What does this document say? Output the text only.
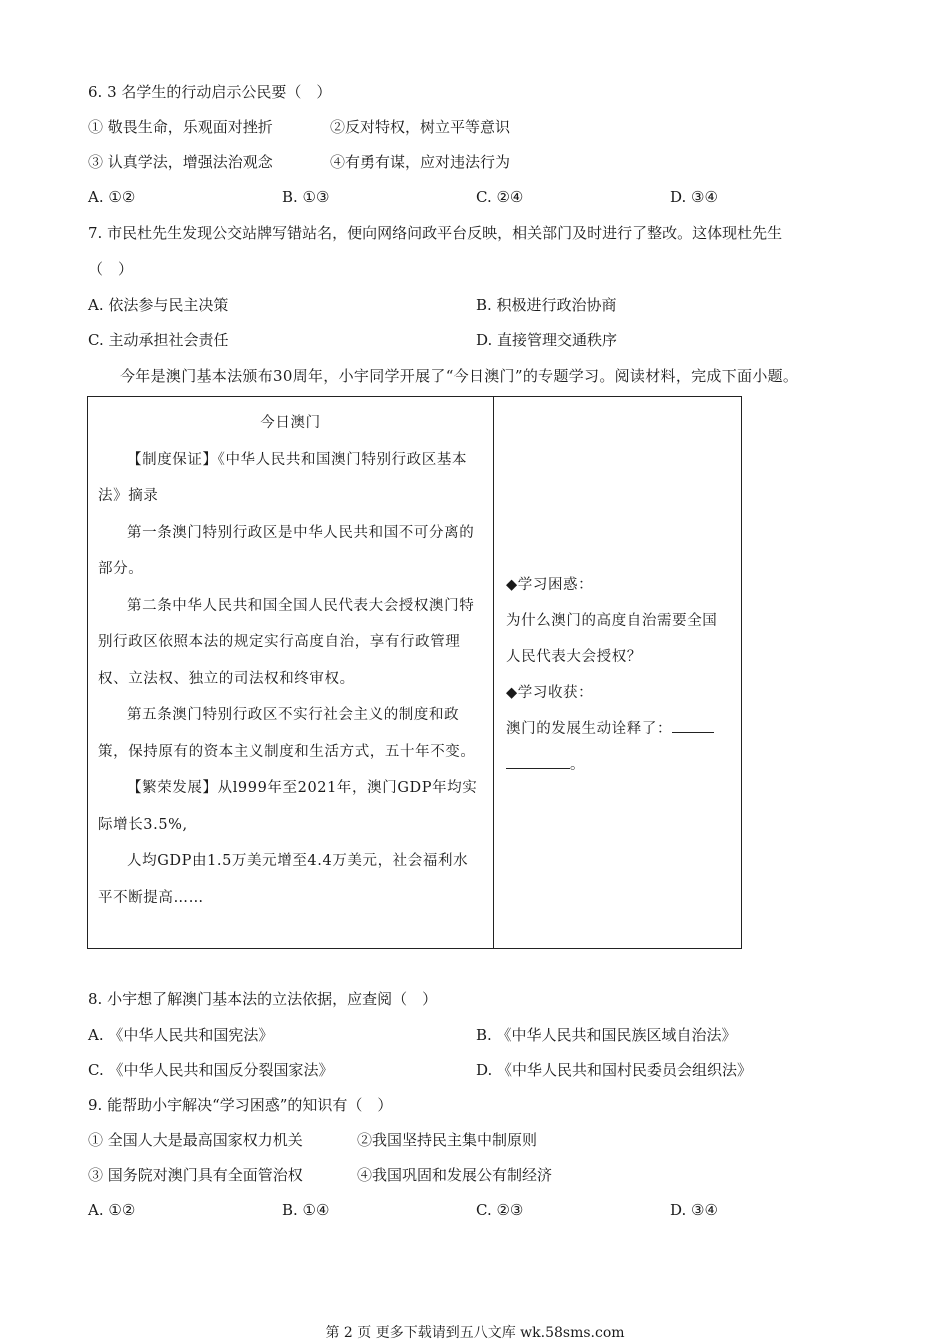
6. 3 名学生的行动启示公民要（　）
① 敬畏生命，乐观面对挫折	②反对特权，树立平等意识
③ 认真学法，增强法治观念	④有勇有谋，应对违法行为
A. ①②	B. ①③	C. ②④	D. ③④
7. 市民杜先生发现公交站牌写错站名，便向网络问政平台反映，相关部门及时进行了整改。这体现杜先生
（　）
A. 依法参与民主决策	B. 积极进行政治协商
C. 主动承担社会责任	D. 直接管理交通秩序
今年是澳门基本法颁布30周年，小宇同学开展了“今日澳门”的专题学习。阅读材料，完成下面小题。

今日澳门

【制度保证】《中华人民共和国澳门特别行政区基本法》摘录

第一条澳门特别行政区是中华人民共和国不可分离的部分。

第二条中华人民共和国全国人民代表大会授权澳门特别行政区依照本法的规定实行高度自治，享有行政管理权、立法权、独立的司法权和终审权。

第五条澳门特别行政区不实行社会主义的制度和政策，保持原有的资本主义制度和生活方式，五十年不变。

【繁荣发展】从l999年至2021年，澳门GDP年均实际增长3.5%,

人均GDP由1.5万美元增至4.4万美元，社会福利水平不断提高……

◆学习困惑：

为什么澳门的高度自治需要全国人民代表大会授权？

◆学习收获：

澳门的发展生动诠释了：

。

8. 小宇想了解澳门基本法的立法依据，应查阅（　）
A. 《中华人民共和国宪法》	B. 《中华人民共和国民族区域自治法》
C. 《中华人民共和国反分裂国家法》	D. 《中华人民共和国村民委员会组织法》
9. 能帮助小宇解决“学习困惑”的知识有（　）
① 全国人大是最高国家权力机关	②我国坚持民主集中制原则
③ 国务院对澳门具有全面管治权	④我国巩固和发展公有制经济
A. ①②	B. ①④	C. ②③	D. ③④
第 2 页 更多下载请到五八文库 wk.58sms.com
